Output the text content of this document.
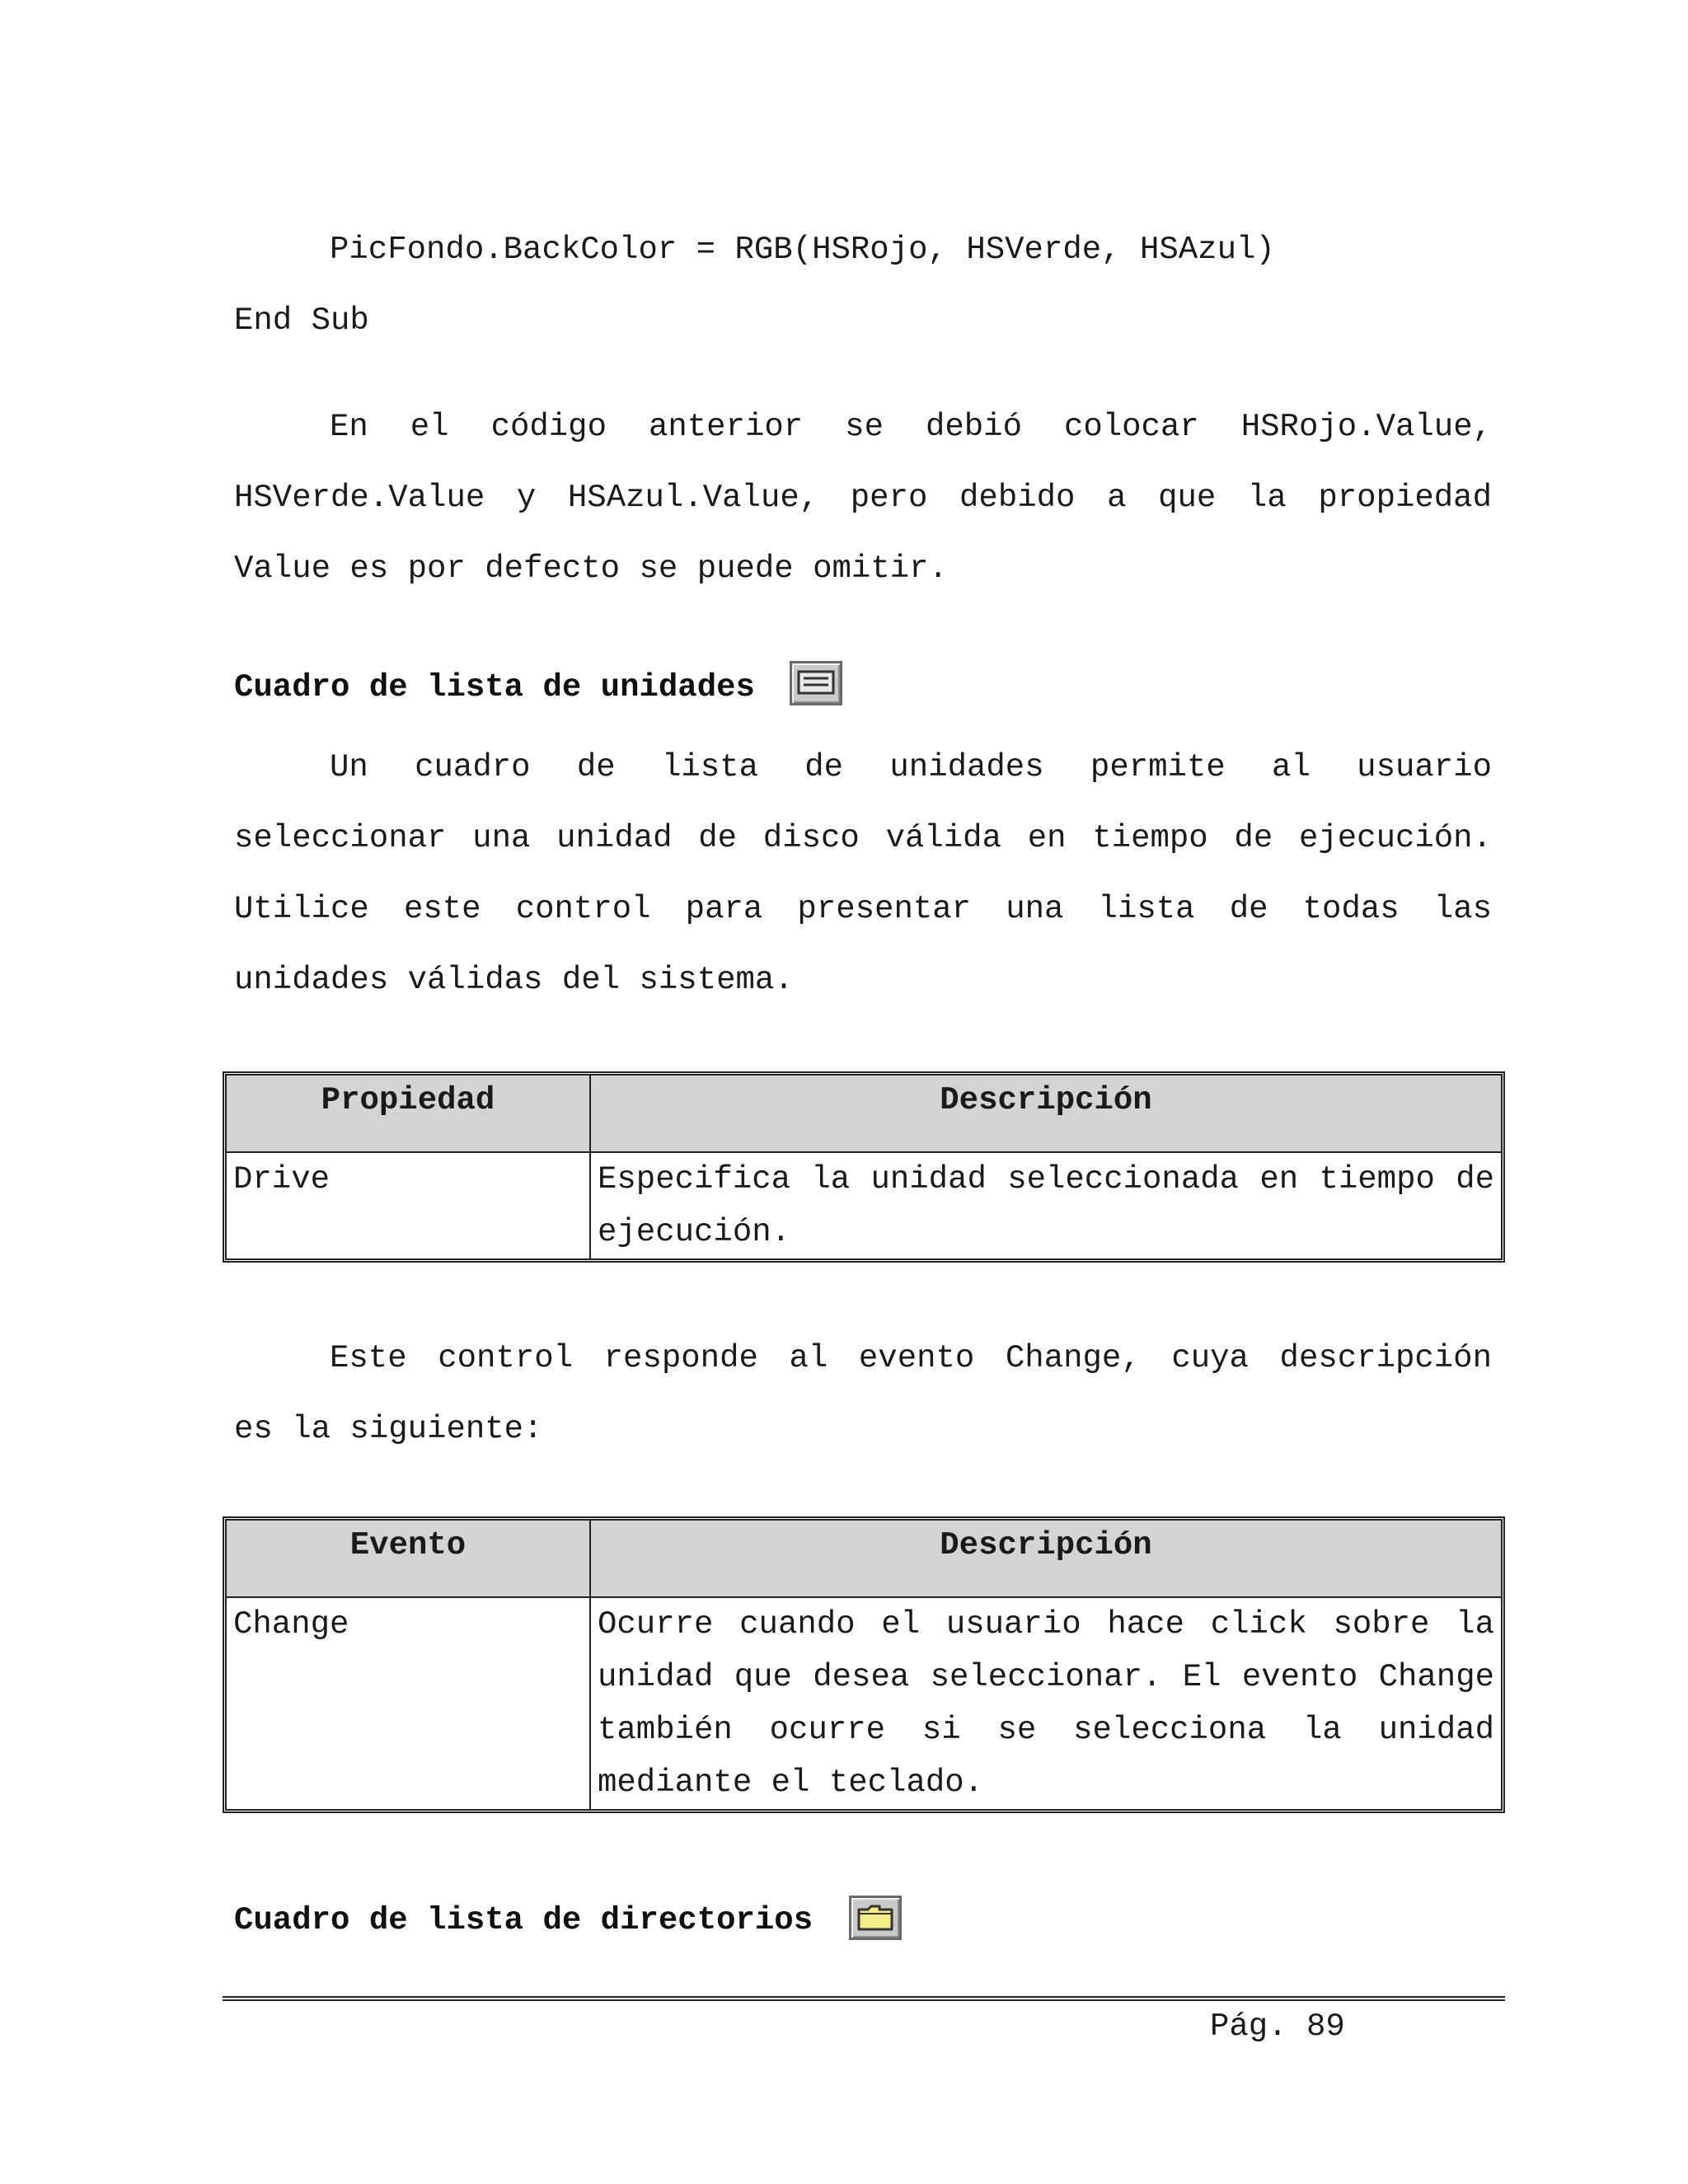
PicFondo.BackColor = RGB(HSRojo, HSVerde, HSAzul)
End Sub
En el código anterior se debió colocar HSRojo.Value,
HSVerde.Value y HSAzul.Value, pero debido a que la propiedad
Value es por defecto se puede omitir.
Cuadro de lista de unidades
Un cuadro de lista de unidades permite al usuario
seleccionar una unidad de disco válida en tiempo de ejecución.
Utilice este control para presentar una lista de todas las
unidades válidas del sistema.
Propiedad	Descripción
Drive	Especifica la unidad seleccionada en tiempo de ejecución.
Este control responde al evento Change, cuya descripción
es la siguiente:
Evento	Descripción
Change	Ocurre cuando el usuario hace click sobre la unidad que desea seleccionar. El evento Change también ocurre si se selecciona la unidad mediante el teclado.
Cuadro de lista de directorios
Pág. 89
